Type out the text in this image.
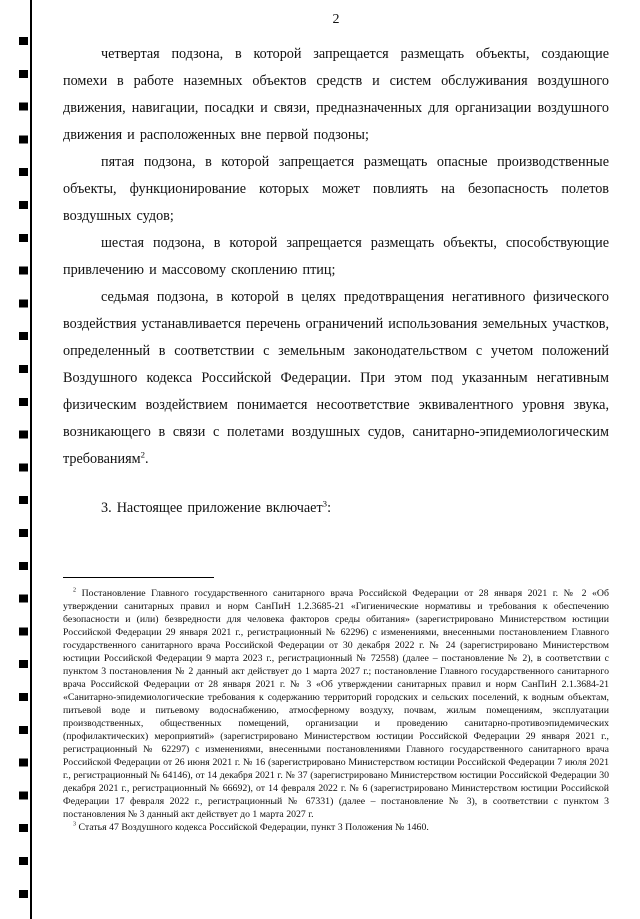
2

четвертая подзона, в которой запрещается размещать объекты, создающие помехи в работе наземных объектов средств и систем обслуживания воздушного движения, навигации, посадки и связи, предназначенных для организации воздушного движения и расположенных вне первой подзоны;

пятая подзона, в которой запрещается размещать опасные производственные объекты, функционирование которых может повлиять на безопасность полетов воздушных судов;

шестая подзона, в которой запрещается размещать объекты, способствующие привлечению и массовому скоплению птиц;

седьмая подзона, в которой в целях предотвращения негативного физического воздействия устанавливается перечень ограничений использования земельных участков, определенный в соответствии с земельным законодательством с учетом положений Воздушного кодекса Российской Федерации. При этом под указанным негативным физическим воздействием понимается несоответствие эквивалентного уровня звука, возникающего в связи с полетами воздушных судов, санитарно-эпидемиологическим требованиям$^2$.

3. Настоящее приложение включает$^3$:

$^2$ Постановление Главного государственного санитарного врача Российской Федерации от 28 января 2021 г. № 2 «Об утверждении санитарных правил и норм СанПиН 1.2.3685-21 «Гигиенические нормативы и требования к обеспечению безопасности и (или) безвредности для человека факторов среды обитания» (зарегистрировано Министерством юстиции Российской Федерации 29 января 2021 г., регистрационный № 62296) с изменениями, внесенными постановлением Главного государственного санитарного врача Российской Федерации от 30 декабря 2022 г. № 24 (зарегистрировано Министерством юстиции Российской Федерации 9 марта 2023 г., регистрационный № 72558) (далее – постановление № 2), в соответствии с пунктом 3 постановления № 2 данный акт действует до 1 марта 2027 г.; постановление Главного государственного санитарного врача Российской Федерации от 28 января 2021 г. № 3 «Об утверждении санитарных правил и норм СанПиН 2.1.3684-21 «Санитарно-эпидемиологические требования к содержанию территорий городских и сельских поселений, к водным объектам, питьевой воде и питьевому водоснабжению, атмосферному воздуху, почвам, жилым помещениям, эксплуатации производственных, общественных помещений, организации и проведению санитарно-противоэпидемических (профилактических) мероприятий» (зарегистрировано Министерством юстиции Российской Федерации 29 января 2021 г., регистрационный № 62297) с изменениями, внесенными постановлениями Главного государственного санитарного врача Российской Федерации от 26 июня 2021 г. № 16 (зарегистрировано Министерством юстиции Российской Федерации 7 июля 2021 г., регистрационный № 64146), от 14 декабря 2021 г. № 37 (зарегистрировано Министерством юстиции Российской Федерации 30 декабря 2021 г., регистрационный № 66692), от 14 февраля 2022 г. № 6 (зарегистрировано Министерством юстиции Российской Федерации 17 февраля 2022 г., регистрационный № 67331) (далее – постановление № 3), в соответствии с пунктом 3 постановления № 3 данный акт действует до 1 марта 2027 г.

$^3$ Статья 47 Воздушного кодекса Российской Федерации, пункт 3 Положения № 1460.
